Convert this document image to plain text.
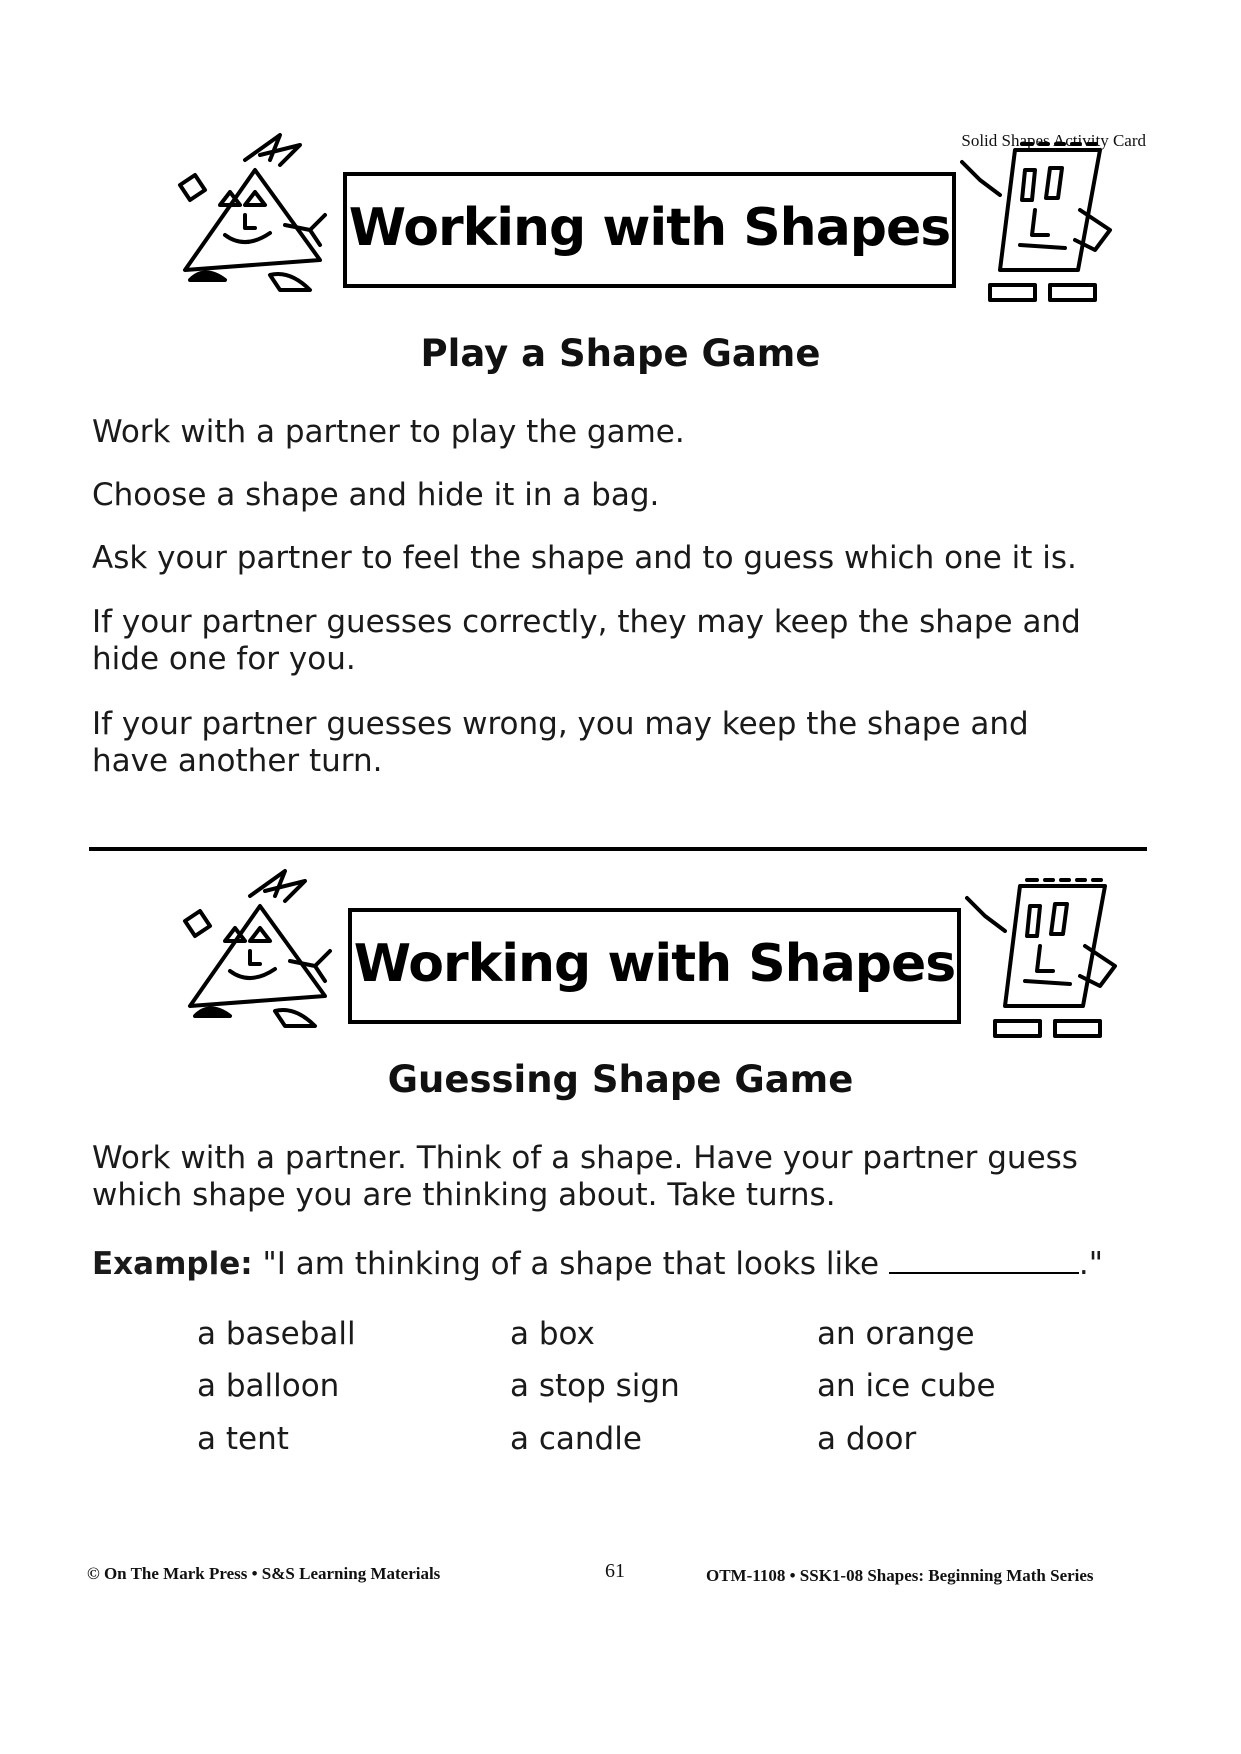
Solid Shapes Activity Card
Working with Shapes
Play a Shape Game
Work with a partner to play the game.
Choose a shape and hide it in a bag.
Ask your partner to feel the shape and to guess which one it is.
If your partner guesses correctly, they may keep the shape and hide one for you.
If your partner guesses wrong, you may keep the shape and have another turn.
Working with Shapes
Guessing Shape Game
Work with a partner. Think of a shape. Have your partner guess which shape you are thinking about. Take turns.
Example: "I am thinking of a shape that looks like	."
a baseball	a box	an orange
a balloon	a stop sign	an ice cube
a tent	a candle	a door
© On The Mark Press • S&S Learning Materials	61	OTM-1108 • SSK1-08 Shapes: Beginning Math Series
